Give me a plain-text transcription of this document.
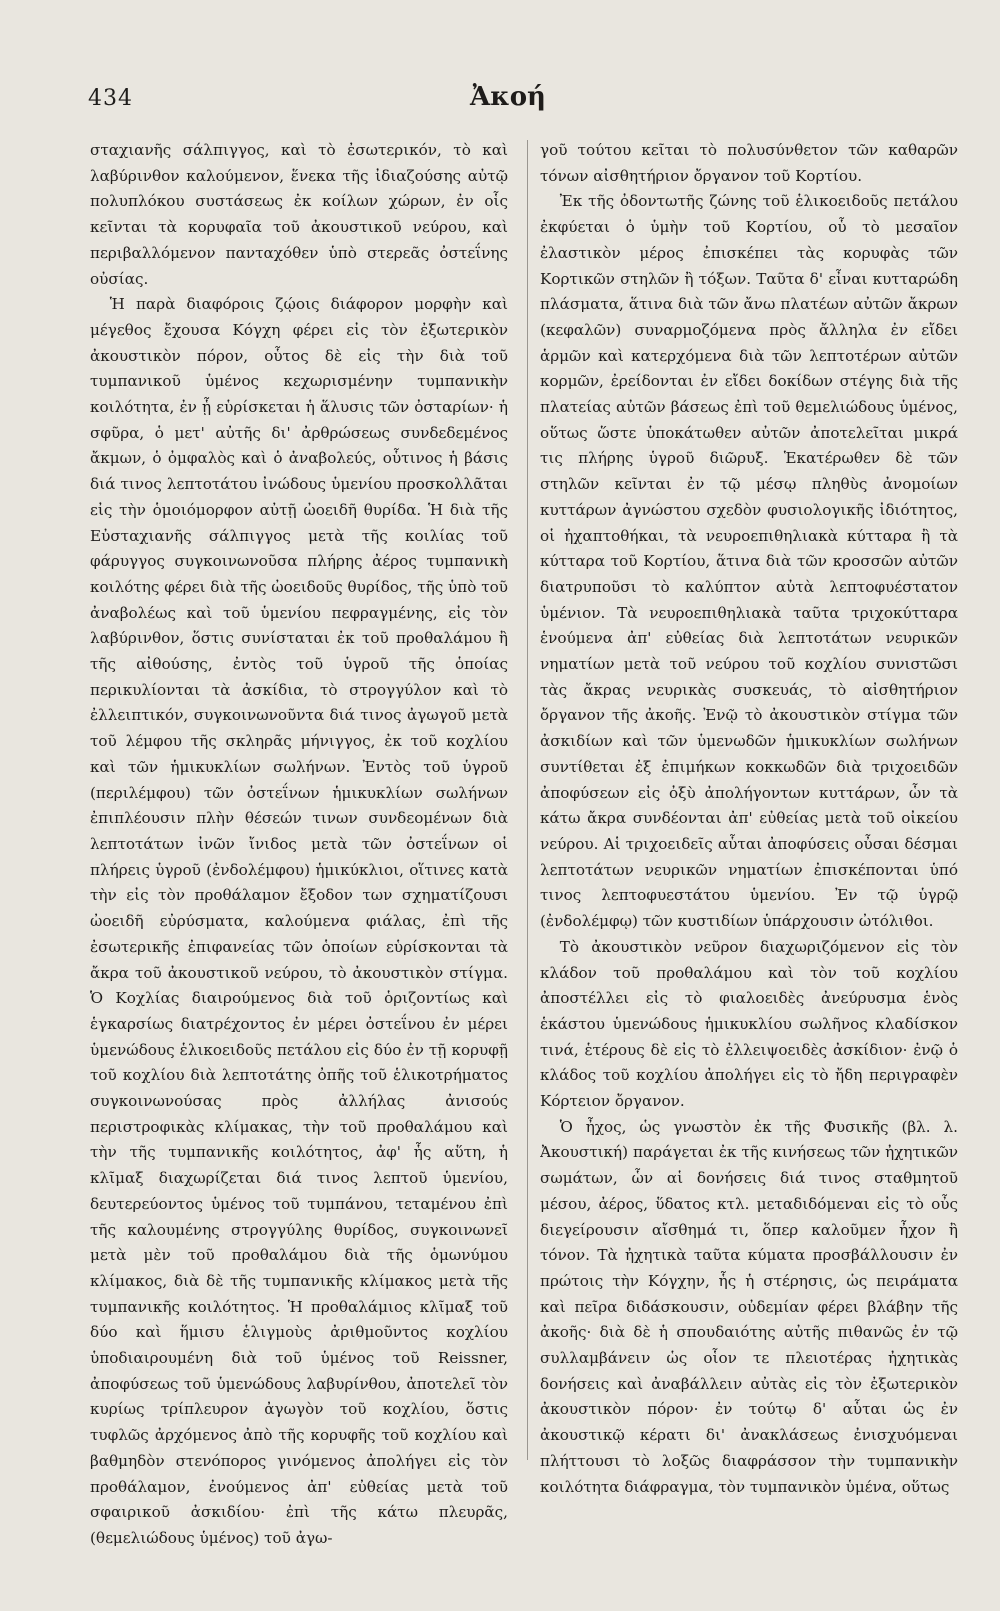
434	Ἀκοή

σταχιανῆς σάλπιγγος, καὶ τὸ ἐσωτερικόν, τὸ καὶ λαβύρινθον καλούμενον, ἕνεκα τῆς ἰδιαζούσης αὐτῷ πολυπλόκου συστάσεως ἐκ κοίλων χώρων, ἐν οἷς κεῖνται τὰ κορυφαῖα τοῦ ἀκουστικοῦ νεύρου, καὶ περιβαλλόμενον πανταχόθεν ὑπὸ στερεᾶς ὀστεΐνης οὐσίας.

Ἡ παρὰ διαφόροις ζῴοις διάφορον μορφὴν καὶ μέγεθος ἔχουσα Κόγχη φέρει εἰς τὸν ἐξωτερικὸν ἀκουστικὸν πόρον, οὗτος δὲ εἰς τὴν διὰ τοῦ τυμπανικοῦ ὑμένος κεχωρισμένην τυμπανικὴν κοιλότητα, ἐν ᾗ εὑρίσκεται ἡ ἅλυσις τῶν ὀσταρίων· ἡ σφῦρα, ὁ μετ' αὐτῆς δι' ἀρθρώσεως συνδεδεμένος ἄκμων, ὁ ὀμφαλὸς καὶ ὁ ἀναβολεύς, οὗτινος ἡ βάσις διά τινος λεπτοτάτου ἰνώδους ὑμενίου προσκολλᾶται εἰς τὴν ὁμοιόμορφον αὐτῇ ὠοειδῆ θυρίδα. Ἡ διὰ τῆς Εὐσταχιανῆς σάλπιγγος μετὰ τῆς κοιλίας τοῦ φάρυγγος συγκοινωνοῦσα πλήρης ἀέρος τυμπανικὴ κοιλότης φέρει διὰ τῆς ὠοειδοῦς θυρίδος, τῆς ὑπὸ τοῦ ἀναβολέως καὶ τοῦ ὑμενίου πεφραγμένης, εἰς τὸν λαβύρινθον, ὅστις συνίσταται ἐκ τοῦ προθαλάμου ἢ τῆς αἰθούσης, ἐντὸς τοῦ ὑγροῦ τῆς ὁποίας περικυλίονται τὰ ἀσκίδια, τὸ στρογγύλον καὶ τὸ ἐλλειπτικόν, συγκοινωνοῦντα διά τινος ἀγωγοῦ μετὰ τοῦ λέμφου τῆς σκληρᾶς μήνιγγος, ἐκ τοῦ κοχλίου καὶ τῶν ἡμικυκλίων σωλήνων. Ἐντὸς τοῦ ὑγροῦ (περιλέμφου) τῶν ὀστεΐνων ἡμικυκλίων σωλήνων ἐπιπλέουσιν πλὴν θέσεών τινων συνδεομένων διὰ λεπτοτάτων ἰνῶν ἴνιδος μετὰ τῶν ὀστεΐνων οἱ πλήρεις ὑγροῦ (ἐνδολέμφου) ἡμικύκλιοι, οἵτινες κατὰ τὴν εἰς τὸν προθάλαμον ἔξοδον των σχηματίζουσι ὠοειδῆ εὐρύσματα, καλούμενα φιάλας, ἐπὶ τῆς ἐσωτερικῆς ἐπιφανείας τῶν ὁποίων εὑρίσκονται τὰ ἄκρα τοῦ ἀκουστικοῦ νεύρου, τὸ ἀκουστικὸν στίγμα. Ὁ Κοχλίας διαιρούμενος διὰ τοῦ ὁριζοντίως καὶ ἑγκαρσίως διατρέχοντος ἐν μέρει ὀστεΐνου ἐν μέρει ὑμενώδους ἑλικοειδοῦς πετάλου εἰς δύο ἐν τῇ κορυφῇ τοῦ κοχλίου διὰ λεπτοτάτης ὀπῆς τοῦ ἑλικοτρήματος συγκοινωνούσας πρὸς ἀλλήλας ἀνισούς περιστροφικὰς κλίμακας, τὴν τοῦ προθαλάμου καὶ τὴν τῆς τυμπανικῆς κοιλότητος, ἀφ' ἧς αὕτη, ἡ κλῖμαξ διαχωρίζεται διά τινος λεπτοῦ ὑμενίου, δευτερεύοντος ὑμένος τοῦ τυμπάνου, τεταμένου ἐπὶ τῆς καλουμένης στρογγύλης θυρίδος, συγκοινωνεῖ μετὰ μὲν τοῦ προθαλάμου διὰ τῆς ὁμωνύμου κλίμακος, διὰ δὲ τῆς τυμπανικῆς κλίμακος μετὰ τῆς τυμπανικῆς κοιλότητος. Ἡ προθαλάμιος κλῖμαξ τοῦ δύο καὶ ἥμισυ ἑλιγμοὺς ἀριθμοῦντος κοχλίου ὑποδιαιρουμένη διὰ τοῦ ὑμένος τοῦ Reissner, ἀποφύσεως τοῦ ὑμενώδους λαβυρίνθου, ἀποτελεῖ τὸν κυρίως τρίπλευρον ἀγωγὸν τοῦ κοχλίου, ὅστις τυφλῶς ἀρχόμενος ἀπὸ τῆς κορυφῆς τοῦ κοχλίου καὶ βαθμηδὸν στενόπορος γινόμενος ἀπολήγει εἰς τὸν προθάλαμον, ἐνούμενος ἀπ' εὐθείας μετὰ τοῦ σφαιρικοῦ ἀσκιδίου· ἐπὶ τῆς κάτω πλευρᾶς, (θεμελιώδους ὑμένος) τοῦ ἀγω-

γοῦ τούτου κεῖται τὸ πολυσύνθετον τῶν καθαρῶν τόνων αἰσθητήριον ὄργανον τοῦ Κορτίου.

Ἐκ τῆς ὀδοντωτῆς ζώνης τοῦ ἑλικοειδοῦς πετάλου ἐκφύεται ὁ ὑμὴν τοῦ Κορτίου, οὗ τὸ μεσαῖον ἐλαστικὸν μέρος ἐπισκέπει τὰς κορυφὰς τῶν Κορτικῶν στηλῶν ἢ τόξων. Ταῦτα δ' εἶναι κυτταρώδη πλάσματα, ἅτινα διὰ τῶν ἄνω πλατέων αὐτῶν ἄκρων (κεφαλῶν) συναρμοζόμενα πρὸς ἄλληλα ἐν εἴδει ἁρμῶν καὶ κατερχόμενα διὰ τῶν λεπτοτέρων αὐτῶν κορμῶν, ἐρείδονται ἐν εἴδει δοκίδων στέγης διὰ τῆς πλατείας αὐτῶν βάσεως ἐπὶ τοῦ θεμελιώδους ὑμένος, οὕτως ὥστε ὑποκάτωθεν αὐτῶν ἀποτελεῖται μικρά τις πλήρης ὑγροῦ διῶρυξ. Ἑκατέρωθεν δὲ τῶν στηλῶν κεῖνται ἐν τῷ μέσῳ πληθὺς ἀνομοίων κυττάρων ἀγνώστου σχεδὸν φυσιολογικῆς ἰδιότητος, οἱ ἠχαπτοθήκαι, τὰ νευροεπιθηλιακὰ κύτταρα ἢ τὰ κύτταρα τοῦ Κορτίου, ἅτινα διὰ τῶν κροσσῶν αὐτῶν διατρυποῦσι τὸ καλύπτον αὐτὰ λεπτοφυέστατον ὑμένιον. Τὰ νευροεπιθηλιακὰ ταῦτα τριχοκύτταρα ἑνούμενα ἀπ' εὐθείας διὰ λεπτοτάτων νευρικῶν νηματίων μετὰ τοῦ νεύρου τοῦ κοχλίου συνιστῶσι τὰς ἄκρας νευρικὰς συσκευάς, τὸ αἰσθητήριον ὄργανον τῆς ἀκοῆς. Ἐνῷ τὸ ἀκουστικὸν στίγμα τῶν ἀσκιδίων καὶ τῶν ὑμενωδῶν ἡμικυκλίων σωλήνων συντίθεται ἐξ ἐπιμήκων κοκκωδῶν διὰ τριχοειδῶν ἀποφύσεων εἰς ὀξὺ ἀπολήγοντων κυττάρων, ὧν τὰ κάτω ἄκρα συνδέονται ἀπ' εὐθείας μετὰ τοῦ οἰκείου νεύρου. Αἱ τριχοειδεῖς αὗται ἀποφύσεις οὖσαι δέσμαι λεπτοτάτων νευρικῶν νηματίων ἐπισκέπονται ὑπό τινος λεπτοφυεστάτου ὑμενίου. Ἐν τῷ ὑγρῷ (ἐνδολέμφῳ) τῶν κυστιδίων ὑπάρχουσιν ὠτόλιθοι.

Τὸ ἀκουστικὸν νεῦρον διαχωριζόμενον εἰς τὸν κλάδον τοῦ προθαλάμου καὶ τὸν τοῦ κοχλίου ἀποστέλλει εἰς τὸ φιαλοειδὲς ἀνεύρυσμα ἑνὸς ἑκάστου ὑμενώδους ἡμικυκλίου σωλῆνος κλαδίσκον τινά, ἑτέρους δὲ εἰς τὸ ἐλλειψοειδὲς ἀσκίδιον· ἐνῷ ὁ κλάδος τοῦ κοχλίου ἀπολήγει εἰς τὸ ἤδη περιγραφὲν Κόρτειον ὄργανον.

Ὁ ἦχος, ὡς γνωστὸν ἐκ τῆς Φυσικῆς (βλ. λ. Ἀκουστική) παράγεται ἐκ τῆς κινήσεως τῶν ἠχητικῶν σωμάτων, ὧν αἱ δονήσεις διά τινος σταθμητοῦ μέσου, ἀέρος, ὕδατος κτλ. μεταδιδόμεναι εἰς τὸ οὖς διεγείρουσιν αἴσθημά τι, ὅπερ καλοῦμεν ἦχον ἢ τόνον. Τὰ ἠχητικὰ ταῦτα κύματα προσβάλλουσιν ἐν πρώτοις τὴν Κόγχην, ἧς ἡ στέρησις, ὡς πειράματα καὶ πεῖρα διδάσκουσιν, οὐδεμίαν φέρει βλάβην τῆς ἀκοῆς· διὰ δὲ ἡ σπουδαιότης αὐτῆς πιθανῶς ἐν τῷ συλλαμβάνειν ὡς οἷον τε πλειοτέρας ἠχητικὰς δονήσεις καὶ ἀναβάλλειν αὐτὰς εἰς τὸν ἐξωτερικὸν ἀκουστικὸν πόρον· ἐν τούτῳ δ' αὗται ὡς ἐν ἀκουστικῷ κέρατι δι' ἀνακλάσεως ἐνισχυόμεναι πλήττουσι τὸ λοξῶς διαφράσσον τὴν τυμπανικὴν κοιλότητα διάφραγμα, τὸν τυμπανικὸν ὑμένα, οὕτως
